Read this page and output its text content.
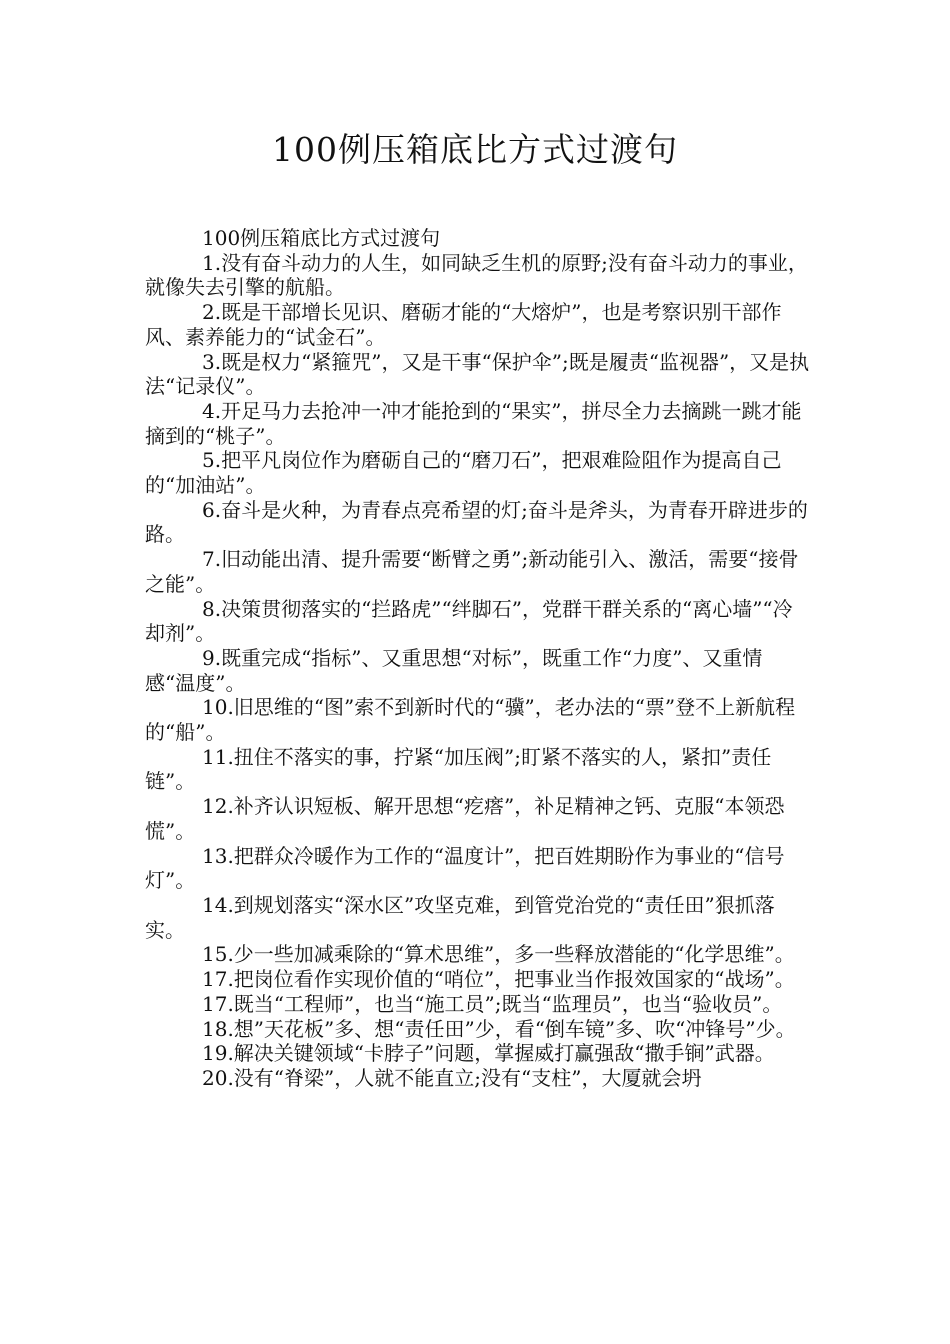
100例压箱底比方式过渡句

100例压箱底比方式过渡句

1.没有奋斗动力的人生，如同缺乏生机的原野;没有奋斗动力的事业，就像失去引擎的航船。

2.既是干部增长见识、磨砺才能的“大熔炉”，也是考察识别干部作风、素养能力的“试金石”。

3.既是权力“紧箍咒”，又是干事“保护伞”;既是履责“监视器”，又是执法“记录仪”。

4.开足马力去抢冲一冲才能抢到的“果实”，拼尽全力去摘跳一跳才能摘到的“桃子”。

5.把平凡岗位作为磨砺自己的“磨刀石”，把艰难险阻作为提高自己的“加油站”。

6.奋斗是火种，为青春点亮希望的灯;奋斗是斧头，为青春开辟进步的路。

7.旧动能出清、提升需要“断臂之勇”;新动能引入、激活，需要“接骨之能”。

8.决策贯彻落实的“拦路虎”“绊脚石”，党群干群关系的“离心墙”“冷却剂”。

9.既重完成“指标”、又重思想“对标”，既重工作“力度”、又重情感“温度”。

10.旧思维的“图”索不到新时代的“骥”，老办法的“票”登不上新航程的“船”。

11.扭住不落实的事，拧紧“加压阀”;盯紧不落实的人，紧扣”责任链”。

12.补齐认识短板、解开思想“疙瘩”，补足精神之钙、克服“本领恐慌”。

13.把群众冷暖作为工作的“温度计”，把百姓期盼作为事业的“信号灯”。

14.到规划落实“深水区”攻坚克难，到管党治党的“责任田”狠抓落实。

15.少一些加减乘除的“算术思维”，多一些释放潜能的“化学思维”。

17.把岗位看作实现价值的“哨位”，把事业当作报效国家的“战场”。

17.既当“工程师”，也当“施工员”;既当“监理员”，也当“验收员”。

18.想”天花板”多、想“责任田”少，看“倒车镜”多、吹“冲锋号”少。

19.解决关键领域“卡脖子”问题，掌握威打赢强敌“撒手锏”武器。

20.没有“脊梁”，人就不能直立;没有“支柱”，大厦就会坍
